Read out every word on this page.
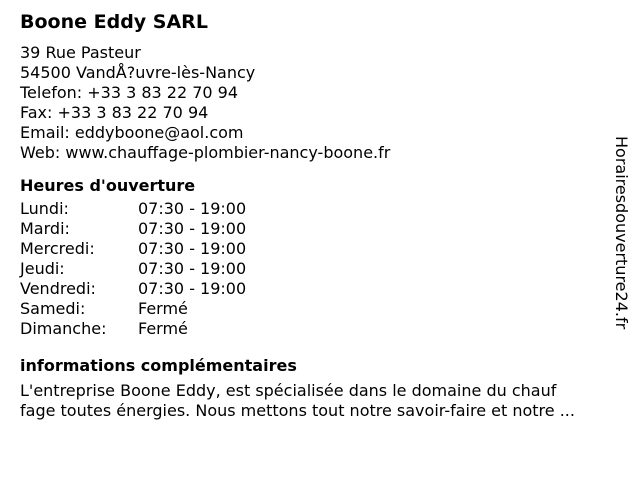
Boone Eddy SARL
39 Rue Pasteur
54500 VandÅ?uvre-lès-Nancy
Telefon: +33 3 83 22 70 94
Fax: +33 3 83 22 70 94
Email: eddyboone@aol.com
Web: www.chauffage-plombier-nancy-boone.fr
Heures d'ouverture
Lundi:	07:30 - 19:00
Mardi:	07:30 - 19:00
Mercredi:	07:30 - 19:00
Jeudi:	07:30 - 19:00
Vendredi:	07:30 - 19:00
Samedi:	Fermé
Dimanche:	Fermé
informations complémentaires
L'entreprise Boone Eddy, est spécialisée dans le domaine du chauf
fage toutes énergies. Nous mettons tout notre savoir-faire et notre ...
Horairesdouverture24.fr
